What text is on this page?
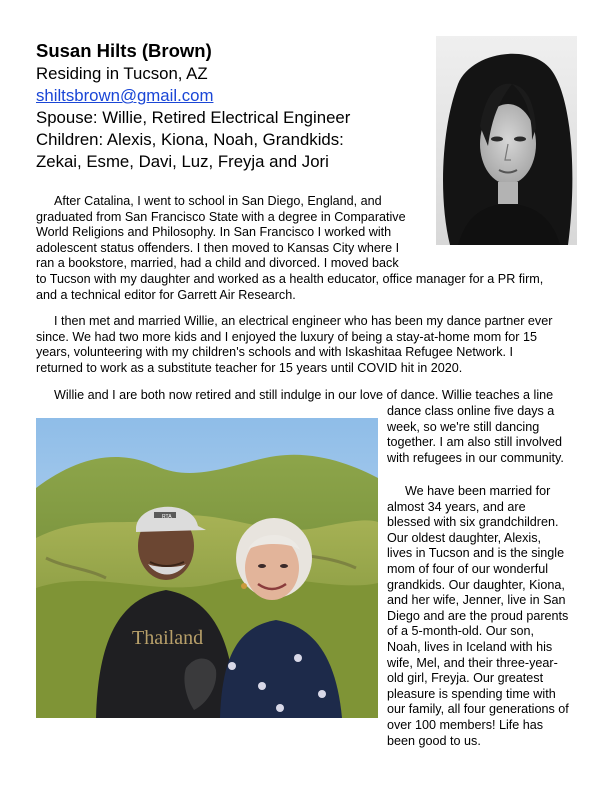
Susan Hilts (Brown)
Residing in Tucson, AZ
shiltsbrown@gmail.com
Spouse: Willie, Retired Electrical Engineer
Children: Alexis, Kiona, Noah, Grandkids:
Zekai, Esme, Davi, Luz, Freyja and Jori
After Catalina, I went to school in San Diego, England, and
graduated from San Francisco State with a degree in Comparative
World Religions and Philosophy. In San Francisco I worked with
adolescent status offenders. I then moved to Kansas City where I
ran a bookstore, married, had a child and divorced. I moved back
to Tucson with my daughter and worked as a health educator, office manager for a PR firm,
and a technical editor for Garrett Air Research.
I then met and married Willie, an electrical engineer who has been my dance partner ever
since. We had two more kids and I enjoyed the luxury of being a stay-at-home mom for 15
years, volunteering with my children's schools and with Iskashitaa Refugee Network. I
returned to work as a substitute teacher for 15 years until COVID hit in 2020.
Willie and I are both now retired and still indulge in our love of dance. Willie teaches a line
dance class online five days a
week, so we're still dancing
together. I am also still involved
with refugees in our community.
We have been married for
almost 34 years, and are
blessed with six grandchildren.
Our oldest daughter, Alexis,
lives in Tucson and is the single
mom of four of our wonderful
grandkids. Our daughter, Kiona,
and her wife, Jenner, live in San
Diego and are the proud parents
of a 5-month-old. Our son,
Noah, lives in Iceland with his
wife, Mel, and their three-year-
old girl, Freyja. Our greatest
pleasure is spending time with
our family, all four generations of
over 100 members! Life has
been good to us.
Thailand
RTA
